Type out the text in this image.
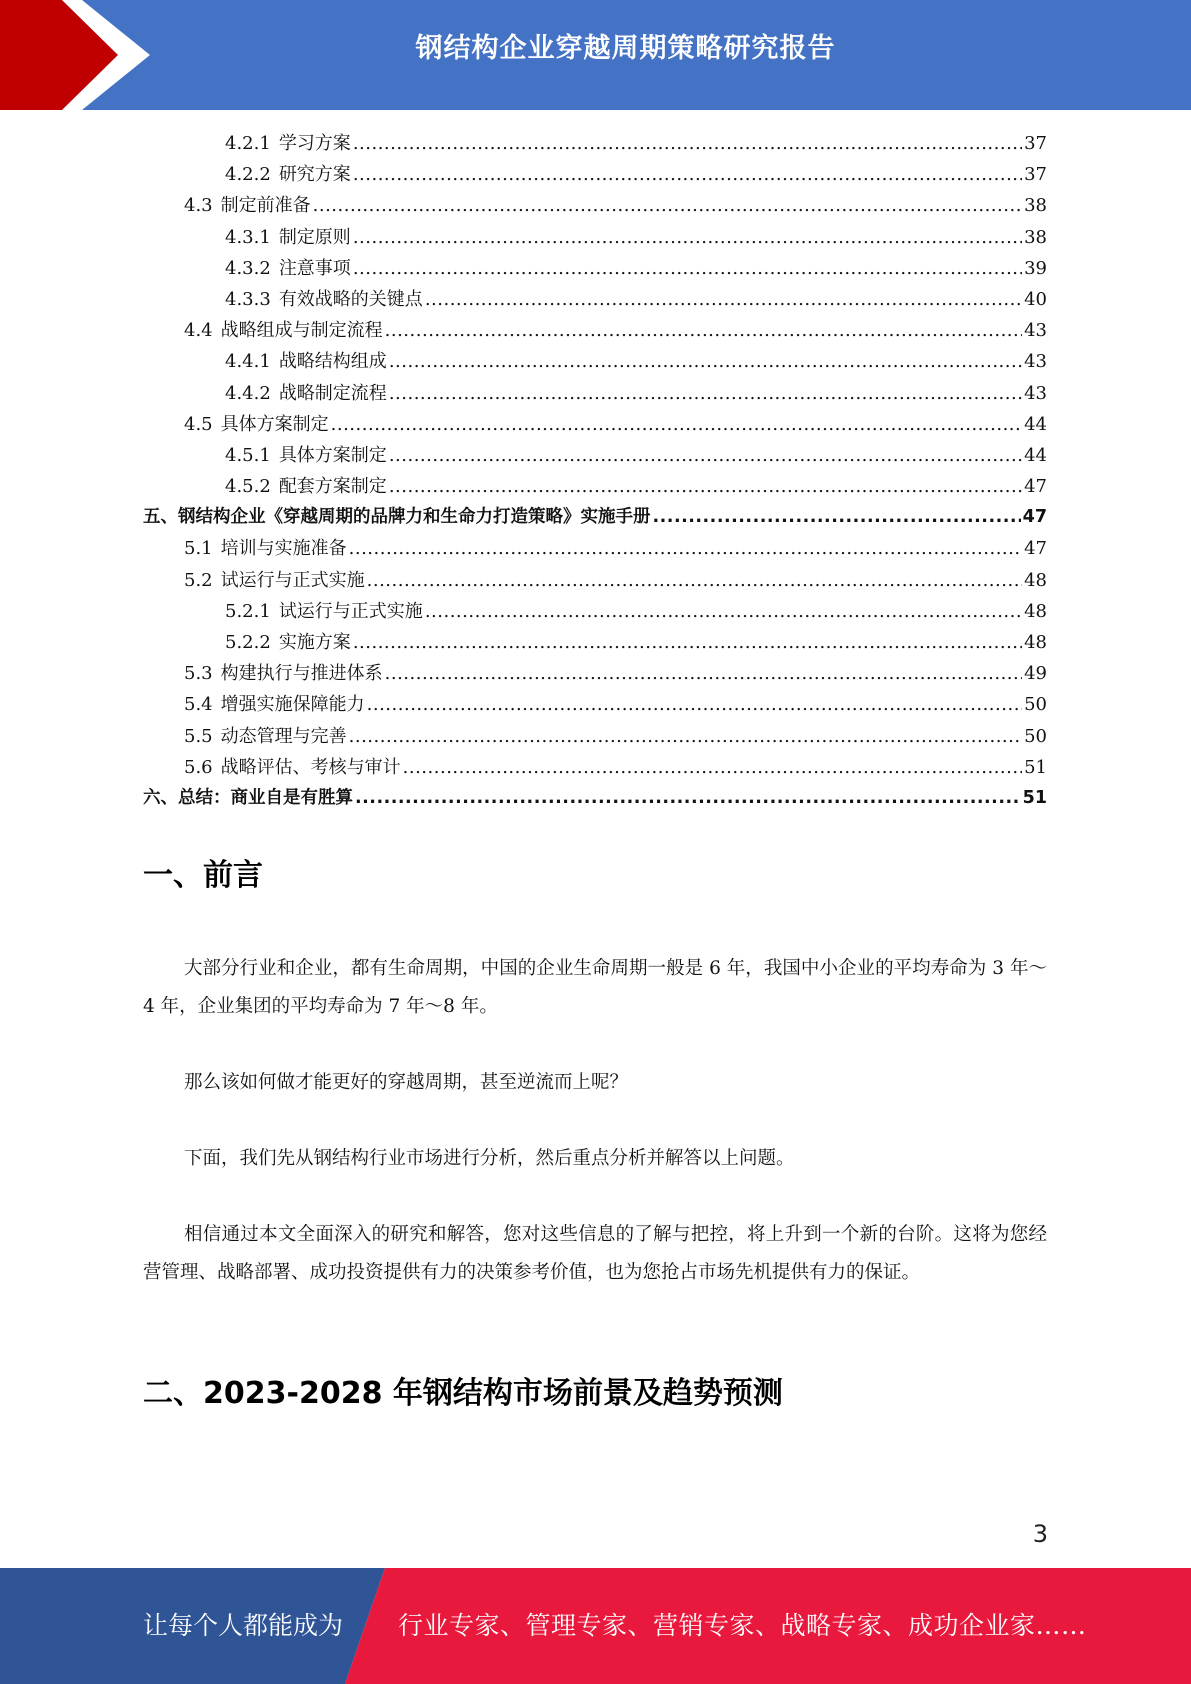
钢结构企业穿越周期策略研究报告
4.2.1 学习方案 .....	37
4.2.2 研究方案 .....	37
4.3 制定前准备 .....	38
4.3.1 制定原则 .....	38
4.3.2 注意事项 .....	39
4.3.3 有效战略的关键点 .....	40
4.4 战略组成与制定流程 .....	43
4.4.1 战略结构组成 .....	43
4.4.2 战略制定流程 .....	43
4.5 具体方案制定 .....	44
4.5.1 具体方案制定 .....	44
4.5.2 配套方案制定 .....	47
五、 钢结构企业《穿越周期的品牌力和生命力打造策略》实施手册 .....	47
5.1 培训与实施准备 .....	47
5.2 试运行与正式实施 .....	48
5.2.1 试运行与正式实施 .....	48
5.2.2 实施方案 .....	48
5.3 构建执行与推进体系 .....	49
5.4 增强实施保障能力 .....	50
5.5 动态管理与完善 .....	50
5.6 战略评估、考核与审计 .....	51
六、 总结：商业自是有胜算 .....	51
一、前言

大部分行业和企业，都有生命周期，中国的企业生命周期一般是 6 年，我国中小企业的平均寿命为 3 年～4 年，企业集团的平均寿命为 7 年～8 年。

那么该如何做才能更好的穿越周期，甚至逆流而上呢？

下面，我们先从钢结构行业市场进行分析，然后重点分析并解答以上问题。

相信通过本文全面深入的研究和解答，您对这些信息的了解与把控，将上升到一个新的台阶。这将为您经营管理、战略部署、成功投资提供有力的决策参考价值，也为您抢占市场先机提供有力的保证。

二、2023-2028 年钢结构市场前景及趋势预测
3
让每个人都能成为 行业专家、管理专家、营销专家、战略专家、成功企业家……
